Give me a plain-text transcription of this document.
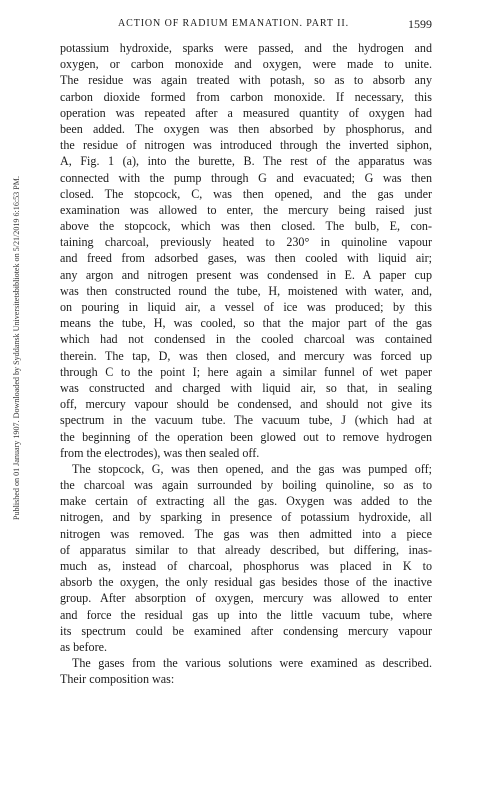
Published on 01 January 1907. Downloaded by Syddansk Universitetsbibliotek on 5/21/2019 6:16:53 PM.
ACTION OF RADIUM EMANATION. PART II.	1599
potassium hydroxide, sparks were passed, and the hydrogen and
oxygen, or carbon monoxide and oxygen, were made to unite.
The residue was again treated with potash, so as to absorb any
carbon dioxide formed from carbon monoxide. If necessary, this
operation was repeated after a measured quantity of oxygen had
been added. The oxygen was then absorbed by phosphorus, and
the residue of nitrogen was introduced through the inverted siphon,
A, Fig. 1 (a), into the burette, B. The rest of the apparatus was
connected with the pump through G and evacuated; G was then
closed. The stopcock, C, was then opened, and the gas under
examination was allowed to enter, the mercury being raised just
above the stopcock, which was then closed. The bulb, E, con-
taining charcoal, previously heated to 230° in quinoline vapour
and freed from adsorbed gases, was then cooled with liquid air;
any argon and nitrogen present was condensed in E. A paper cup
was then constructed round the tube, H, moistened with water, and,
on pouring in liquid air, a vessel of ice was produced; by this
means the tube, H, was cooled, so that the major part of the gas
which had not condensed in the cooled charcoal was contained
therein. The tap, D, was then closed, and mercury was forced up
through C to the point I; here again a similar funnel of wet paper
was constructed and charged with liquid air, so that, in sealing
off, mercury vapour should be condensed, and should not give its
spectrum in the vacuum tube. The vacuum tube, J (which had at
the beginning of the operation been glowed out to remove hydrogen
from the electrodes), was then sealed off.
The stopcock, G, was then opened, and the gas was pumped off;
the charcoal was again surrounded by boiling quinoline, so as to
make certain of extracting all the gas. Oxygen was added to the
nitrogen, and by sparking in presence of potassium hydroxide, all
nitrogen was removed. The gas was then admitted into a piece
of apparatus similar to that already described, but differing, inas-
much as, instead of charcoal, phosphorus was placed in K to
absorb the oxygen, the only residual gas besides those of the inactive
group. After absorption of oxygen, mercury was allowed to enter
and force the residual gas up into the little vacuum tube, where
its spectrum could be examined after condensing mercury vapour
as before.
The gases from the various solutions were examined as described.
Their composition was:
